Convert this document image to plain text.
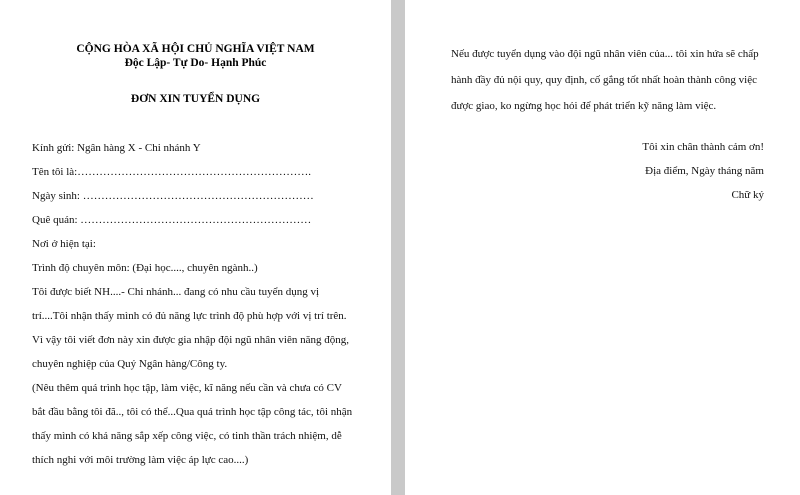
CỘNG HÒA XÃ HỘI CHỦ NGHĨA VIỆT NAM
Độc Lập- Tự Do- Hạnh Phúc
ĐƠN XIN TUYỂN DỤNG
Kính gửi: Ngân hàng X - Chi nhánh Y
Tên tôi là:……………………………………………………….
Ngày sinh: ………………………………………………………
Quê quán: ………………………………………………………
Nơi ở hiện tại:
Trình độ chuyên môn: (Đại học...., chuyên ngành..)
Tôi được biết NH....- Chi nhánh... đang có nhu cầu tuyển dụng vị
trí....Tôi nhận thấy mình có đủ năng lực trình độ phù hợp với vị trí trên.
Vì vậy tôi viết đơn này xin được gia nhập đội ngũ nhân viên năng động,
chuyên nghiệp của Quý Ngân hàng/Công ty.
(Nêu thêm quá trình học tập, làm việc, kĩ năng nếu cần và chưa có CV
bắt đầu bằng tôi đã.., tôi có thể...Qua quá trình học tập công tác, tôi nhận
thấy mình có khả năng sắp xếp công việc, có tinh thần trách nhiệm, dễ
thích nghi với môi trường làm việc áp lực cao....)
Nếu được tuyển dụng vào đội ngũ nhân viên của... tôi xin hứa sẽ chấp hành đầy đủ nội quy, quy định, cố gắng tốt nhất hoàn thành công việc được giao, ko ngừng học hỏi để phát triển kỹ năng làm việc.
Tôi xin chân thành cảm ơn!
Địa điểm, Ngày tháng năm
Chữ ký
